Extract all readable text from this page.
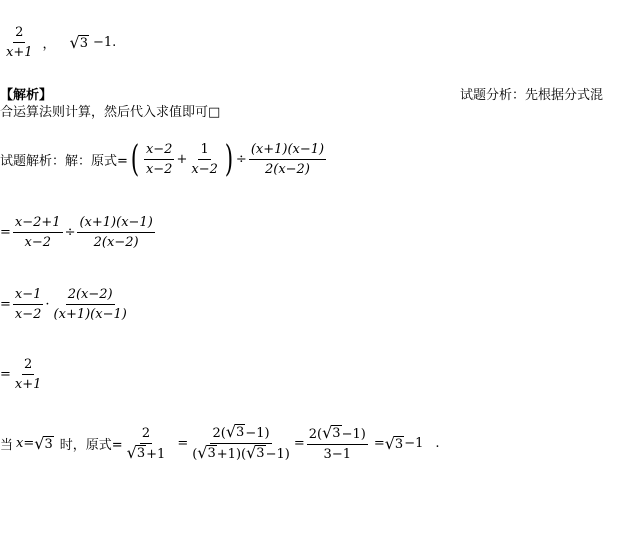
$\frac{2}{x+1}$ ， √ 3 −1.
【解析】	试题分析：先根据分式混
合运算法则计算，然后代入求值即可□
试题解析：解：原式= ( $\frac{x-2}{x-2} + \frac{1}{x-2}$ ) ÷ $\frac{(x+1)(x-1)}{2(x-2)}$
= $\frac{x-2+1}{x-2} \div \frac{(x+1)(x-1)}{2(x-2)}$
= $\frac{x-1}{x-2} \cdot \frac{2(x-2)}{(x+1)(x-1)}$
= $\frac{2}{x+1}$
当 x = √ 3 时，原式= $\frac{2}{√ 3 +1} = \frac{2( √ 3 -1)}{( √ 3 +1)( √ 3 -1)} = \frac{2( √ 3 -1)}{3-1}$ = √ 3 −1 .
